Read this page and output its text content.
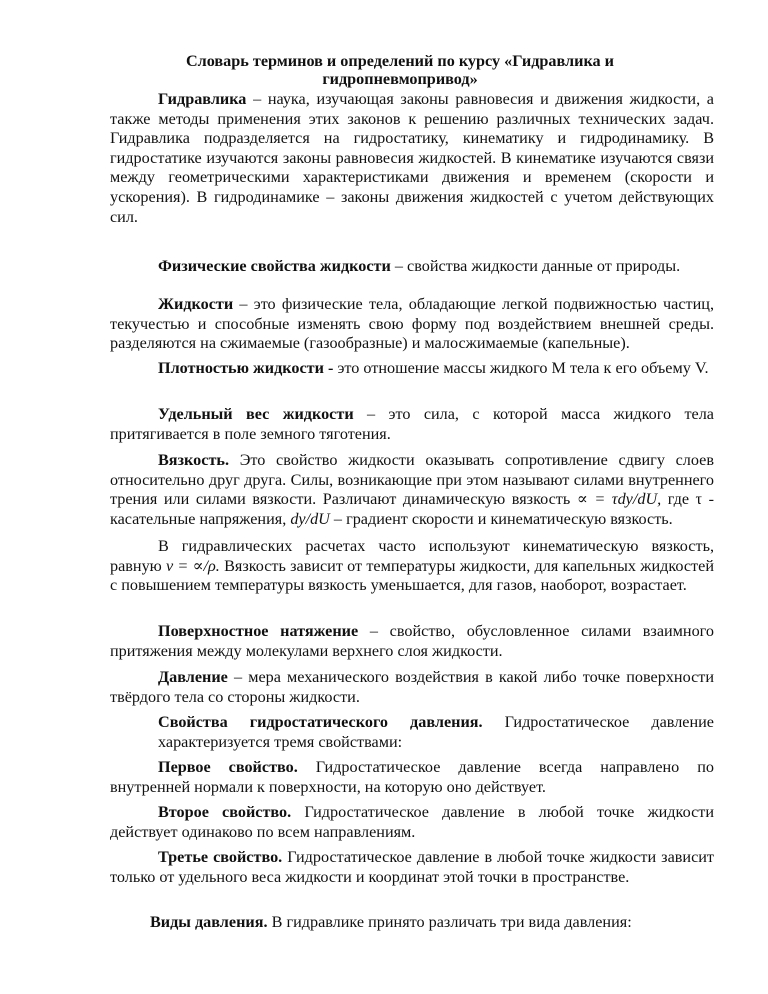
Словарь терминов и определений по курсу «Гидравлика и гидропневмопривод»

Гидравлика – наука, изучающая законы равновесия и движения жидкости, а также методы применения этих законов к решению различных технических задач. Гидравлика подразделяется на гидростатику, кинематику и гидродинамику. В гидростатике изучаются законы равновесия жидкостей. В кинематике изучаются связи между геометрическими характеристиками движения и временем (скорости и ускорения). В гидродинамике – законы движения жидкостей с учетом действующих сил.

Физические свойства жидкости – свойства жидкости данные от природы.

Жидкости – это физические тела, обладающие легкой подвижностью частиц, текучестью и способные изменять свою форму под воздействием внешней среды. разделяются на сжимаемые (газообразные) и малосжимаемые (капельные).

Плотностью жидкости - это отношение массы жидкого М тела к его объему V.

Удельный вес жидкости – это сила, с которой масса жидкого тела притягивается в поле земного тяготения.

Вязкость. Это свойство жидкости оказывать сопротивление сдвигу слоев относительно друг друга. Силы, возникающие при этом называют силами внутреннего трения или силами вязкости. Различают динамическую вязкость ∝ = τdy/dU, где τ - касательные напряжения, dy/dU – градиент скорости и кинематическую вязкость.

В гидравлических расчетах часто используют кинематическую вязкость, равную ν = ∝/ρ. Вязкость зависит от температуры жидкости, для капельных жидкостей с повышением температуры вязкость уменьшается, для газов, наоборот, возрастает.

Поверхностное натяжение – свойство, обусловленное силами взаимного притяжения между молекулами верхнего слоя жидкости.

Давление – мера механического воздействия в какой либо точке поверхности твёрдого тела со стороны жидкости.

Свойства гидростатического давления. Гидростатическое давление характеризуется тремя свойствами:

Первое свойство. Гидростатическое давление всегда направлено по внутренней нормали к поверхности, на которую оно действует.

Второе свойство. Гидростатическое давление в любой точке жидкости действует одинаково по всем направлениям.

Третье свойство. Гидростатическое давление в любой точке жидкости зависит только от удельного веса жидкости и координат этой точки в пространстве.

Виды давления. В гидравлике принято различать три вида давления:
